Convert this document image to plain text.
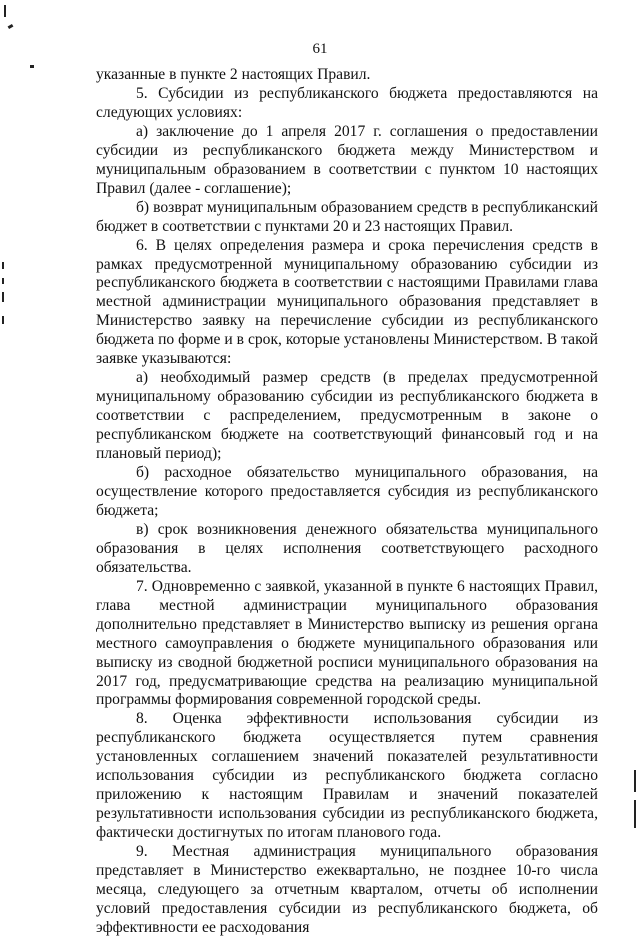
61

указанные в пункте 2 настоящих Правил.

5. Субсидии из республиканского бюджета предоставляются на следующих условиях:

а) заключение до 1 апреля 2017 г. соглашения о предоставлении субсидии из республиканского бюджета между Министерством и муниципальным образованием в соответствии с пунктом 10 настоящих Правил (далее - соглашение);

б) возврат муниципальным образованием средств в республиканский бюджет в соответствии с пунктами 20 и 23 настоящих Правил.

6. В целях определения размера и срока перечисления средств в рамках предусмотренной муниципальному образованию субсидии из республиканского бюджета в соответствии с настоящими Правилами глава местной администрации муниципального образования представляет в Министерство заявку на перечисление субсидии из республиканского бюджета по форме и в срок, которые установлены Министерством. В такой заявке указываются:

а) необходимый размер средств (в пределах предусмотренной муниципальному образованию субсидии из республиканского бюджета в соответствии с распределением, предусмотренным в законе о республиканском бюджете на соответствующий финансовый год и на плановый период);

б) расходное обязательство муниципального образования, на осуществление которого предоставляется субсидия из республиканского бюджета;

в) срок возникновения денежного обязательства муниципального образования в целях исполнения соответствующего расходного обязательства.

7. Одновременно с заявкой, указанной в пункте 6 настоящих Правил, глава местной администрации муниципального образования дополнительно представляет в Министерство выписку из решения органа местного самоуправления о бюджете муниципального образования или выписку из сводной бюджетной росписи муниципального образования на 2017 год, предусматривающие средства на реализацию муниципальной программы формирования современной городской среды.

8. Оценка эффективности использования субсидии из республиканского бюджета осуществляется путем сравнения установленных соглашением значений показателей результативности использования субсидии из республиканского бюджета согласно приложению к настоящим Правилам и значений показателей результативности использования субсидии из республиканского бюджета, фактически достигнутых по итогам планового года.

9. Местная администрация муниципального образования представляет в Министерство ежеквартально, не позднее 10-го числа месяца, следующего за отчетным кварталом, отчеты об исполнении условий предоставления субсидии из республиканского бюджета, об эффективности ее расходования
